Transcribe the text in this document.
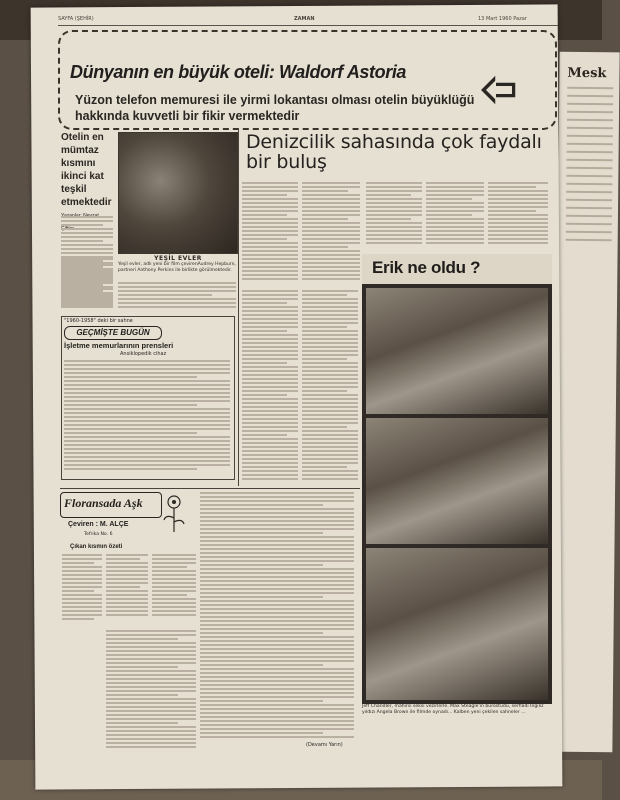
Mesk
SAYFA (ŞEHİR)	ZAMAN	13 Mart 1960 Pazar
Dünyanın en büyük oteli: Waldorf Astoria
Yüzon telefon memuresi ile yirmi lokantası olması otelin büyüklüğü hakkında kuvvetli bir fikir vermektedir
Otelin en mümtaz kısmını ikinci kat teşkil etmektedir
YEŞİL EVLER
Yeşil evler, adlı yeni bir film çevirenAudrey Hepburn, partneri Anthony Perkins ile birlikte görülmektedir.
Denizcilik sahasında çok faydalı bir buluş
"1960-1958" deki bir sahne
GEÇMİŞTE BUGÜN
İşletme memurlarının prensleri
Ansiklopedik cihaz
Erik ne oldu ?
Jeff Chandler, mahirsi seksi vezirlerle. Max Steagle'in bürostudu, serfiadi İngiliz yıldızı Angela Brown ile filmde oynadı... Kalben yeni çekilen sahneler ...
Floransada Aşk
Çeviren : M. ALÇE
Tefrika No. 6
Çıkan kısmın özeti
(Devamı Yarın)
